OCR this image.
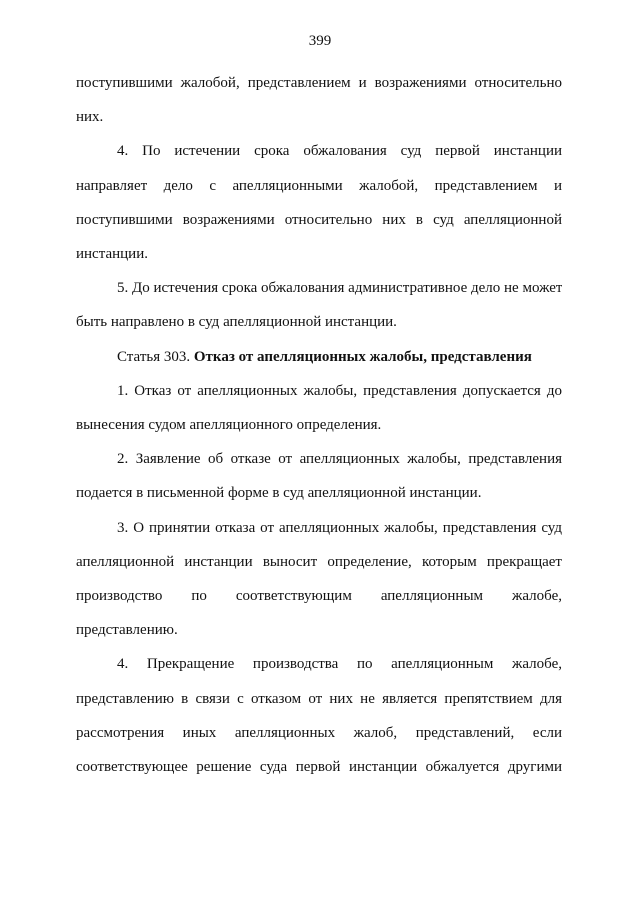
399
поступившими жалобой, представлением и возражениями относительно
них.
4. По истечении срока обжалования суд первой инстанции
направляет дело с апелляционными жалобой, представлением и
поступившими возражениями относительно них в суд апелляционной
инстанции.
5. До истечения срока обжалования административное дело не может
быть направлено в суд апелляционной инстанции.
Статья 303. Отказ от апелляционных жалобы, представления
1. Отказ от апелляционных жалобы, представления допускается до
вынесения судом апелляционного определения.
2. Заявление об отказе от апелляционных жалобы, представления
подается в письменной форме в суд апелляционной инстанции.
3. О принятии отказа от апелляционных жалобы, представления суд
апелляционной инстанции выносит определение, которым прекращает
производство по соответствующим апелляционным жалобе,
представлению.
4. Прекращение производства по апелляционным жалобе,
представлению в связи с отказом от них не является препятствием для
рассмотрения иных апелляционных жалоб, представлений, если
соответствующее решение суда первой инстанции обжалуется другими
